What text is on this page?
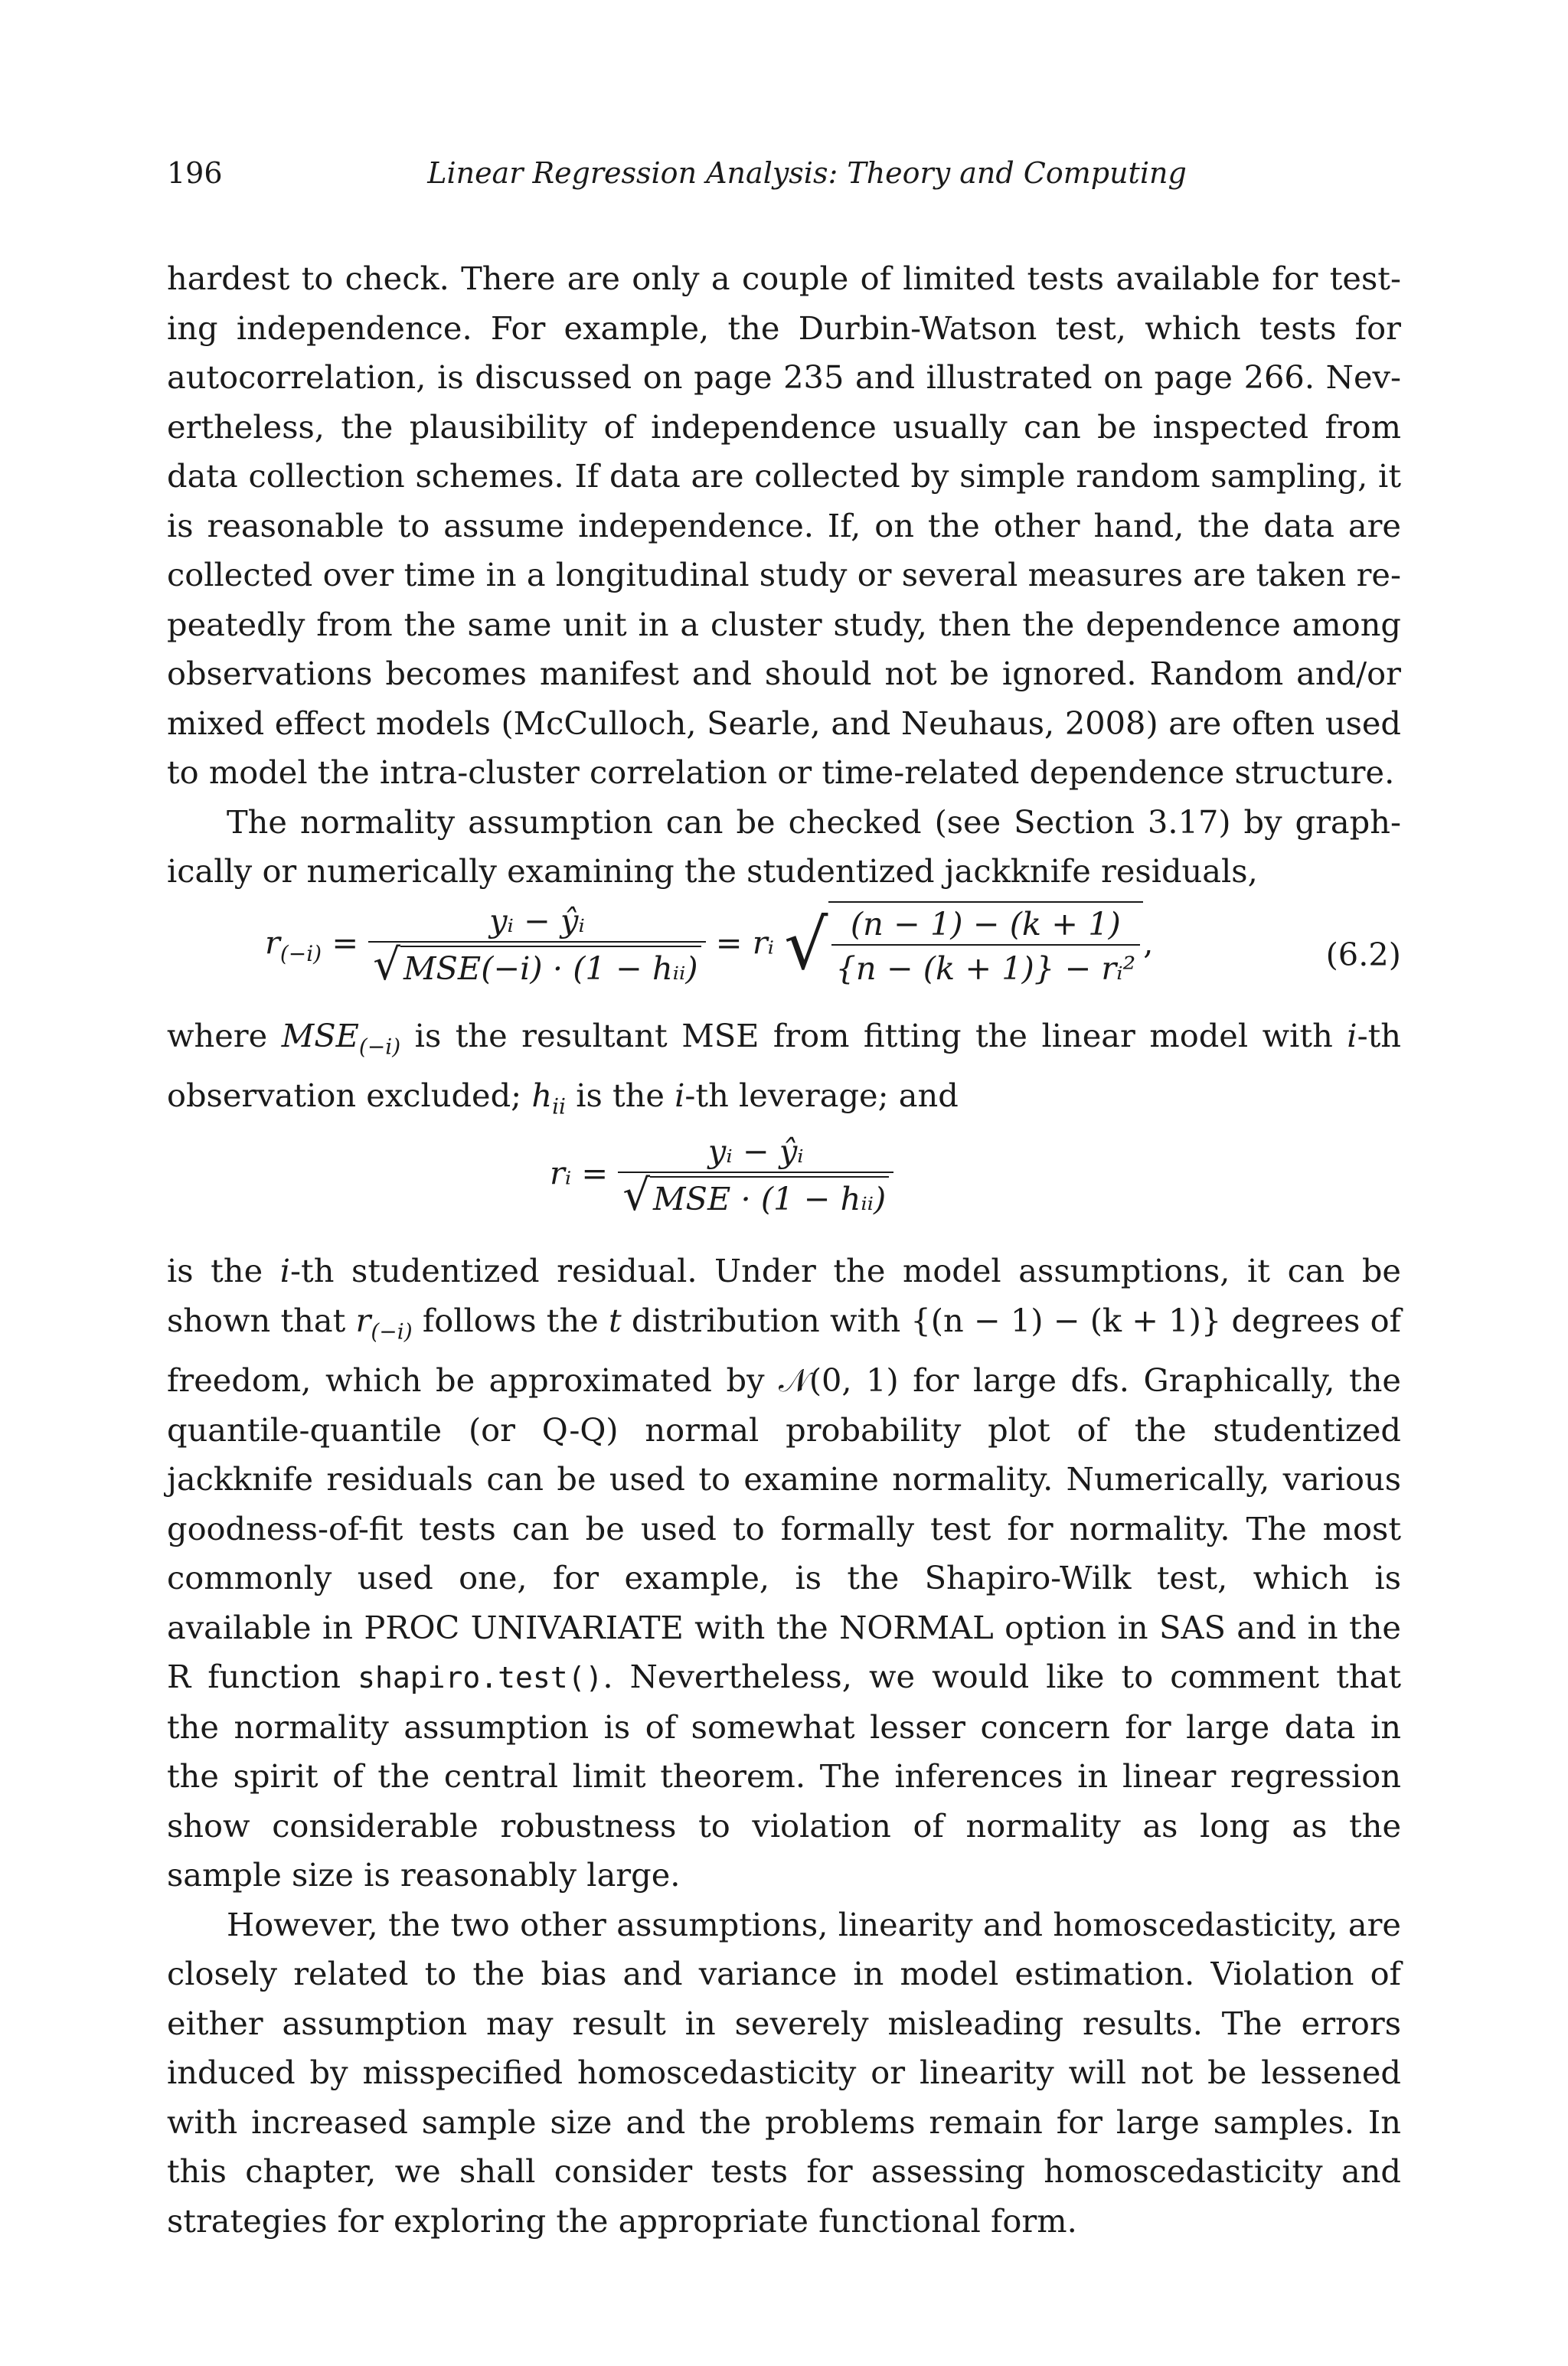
196	Linear Regression Analysis: Theory and Computing

hardest to check. There are only a couple of limited tests available for testing independence. For example, the Durbin-Watson test, which tests for autocorrelation, is discussed on page 235 and illustrated on page 266. Nevertheless, the plausibility of independence usually can be inspected from data collection schemes. If data are collected by simple random sampling, it is reasonable to assume independence. If, on the other hand, the data are collected over time in a longitudinal study or several measures are taken repeatedly from the same unit in a cluster study, then the dependence among observations becomes manifest and should not be ignored. Random and/or mixed effect models (McCulloch, Searle, and Neuhaus, 2008) are often used to model the intra-cluster correlation or time-related dependence structure.

The normality assumption can be checked (see Section 3.17) by graphically or numerically examining the studentized jackknife residuals,

$r_{(-i)} = \frac{\text{yᵢ − ŷᵢ}}{\text{√MSE(−i) · (1 − hᵢᵢ)}}$ = rᵢ √ $\frac{(n - 1) - (k + 1)}{\text{\{n − (k + 1)\} − rᵢ²}}$ ,	(6.2)

where $MSE_{(-i)}$ is the resultant MSE from fitting the linear model with i-th observation excluded; $h_{ii}$ is the i-th leverage; and

rᵢ = $\frac{\text{yᵢ − ŷᵢ}}{\text{√MSE · (1 − hᵢᵢ)}}$

is the i-th studentized residual. Under the model assumptions, it can be shown that $r_{(-i)}$ follows the t distribution with {(n − 1) − (k + 1)} degrees of freedom, which be approximated by 𝒩(0, 1) for large dfs. Graphically, the quantile-quantile (or Q-Q) normal probability plot of the studentized jackknife residuals can be used to examine normality. Numerically, various goodness-of-fit tests can be used to formally test for normality. The most commonly used one, for example, is the Shapiro-Wilk test, which is available in PROC UNIVARIATE with the NORMAL option in SAS and in the R function shapiro.test(). Nevertheless, we would like to comment that the normality assumption is of somewhat lesser concern for large data in the spirit of the central limit theorem. The inferences in linear regression show considerable robustness to violation of normality as long as the sample size is reasonably large.

However, the two other assumptions, linearity and homoscedasticity, are closely related to the bias and variance in model estimation. Violation of either assumption may result in severely misleading results. The errors induced by misspecified homoscedasticity or linearity will not be lessened with increased sample size and the problems remain for large samples. In this chapter, we shall consider tests for assessing homoscedasticity and strategies for exploring the appropriate functional form.
